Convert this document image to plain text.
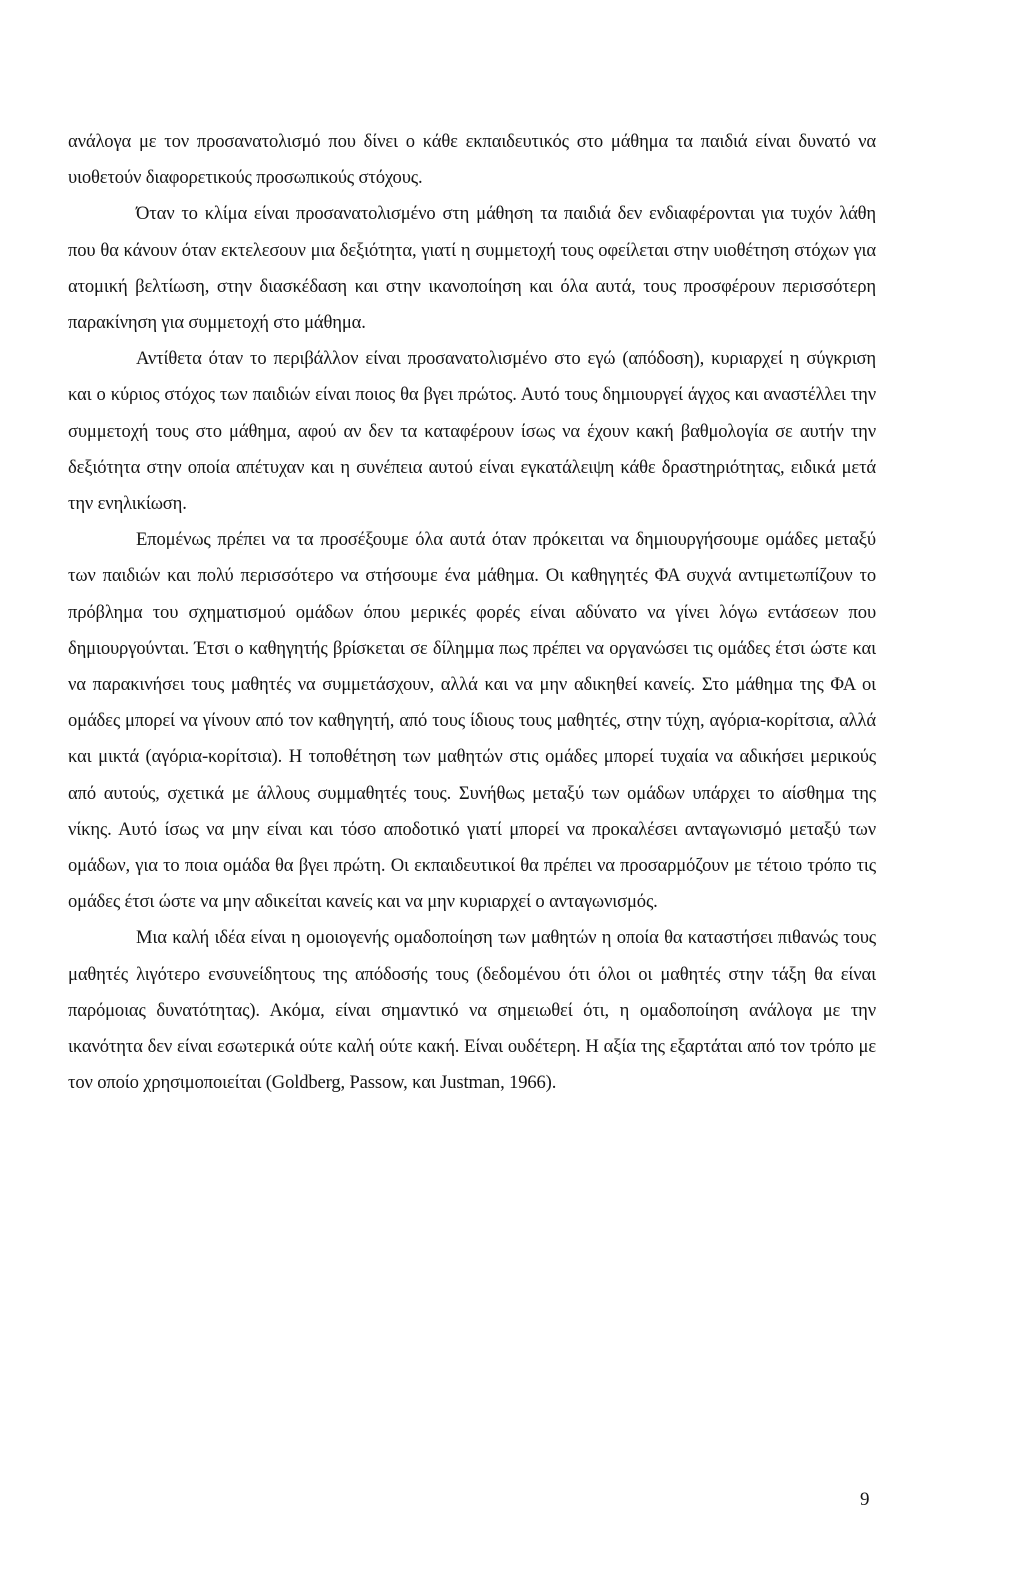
ανάλογα με τον προσανατολισμό που δίνει ο κάθε εκπαιδευτικός στο μάθημα τα παιδιά είναι δυνατό να υιοθετούν διαφορετικούς προσωπικούς στόχους.

Όταν το κλίμα είναι προσανατολισμένο στη μάθηση τα παιδιά δεν ενδιαφέρονται για τυχόν λάθη που θα κάνουν όταν εκτελεσουν μια δεξιότητα, γιατί η συμμετοχή τους οφείλεται στην υιοθέτηση στόχων για ατομική βελτίωση, στην διασκέδαση και στην ικανοποίηση και όλα αυτά, τους προσφέρουν περισσότερη παρακίνηση για συμμετοχή στο μάθημα.

Αντίθετα όταν το περιβάλλον είναι προσανατολισμένο στο εγώ (απόδοση), κυριαρχεί η σύγκριση και ο κύριος στόχος των παιδιών είναι ποιος θα βγει πρώτος. Αυτό τους δημιουργεί άγχος και αναστέλλει την συμμετοχή τους στο μάθημα, αφού αν δεν τα καταφέρουν ίσως να έχουν κακή βαθμολογία σε αυτήν την δεξιότητα στην οποία απέτυχαν και η συνέπεια αυτού είναι εγκατάλειψη κάθε δραστηριότητας, ειδικά μετά την ενηλικίωση.

Επομένως πρέπει να τα προσέξουμε όλα αυτά όταν πρόκειται να δημιουργήσουμε ομάδες μεταξύ των παιδιών και πολύ περισσότερο να στήσουμε ένα μάθημα. Οι καθηγητές ΦΑ συχνά αντιμετωπίζουν το πρόβλημα του σχηματισμού ομάδων όπου μερικές φορές είναι αδύνατο να γίνει λόγω εντάσεων που δημιουργούνται. Έτσι ο καθηγητής βρίσκεται σε δίλημμα πως πρέπει να οργανώσει τις ομάδες έτσι ώστε και να παρακινήσει τους μαθητές να συμμετάσχουν, αλλά και να μην αδικηθεί κανείς. Στο μάθημα της ΦΑ οι ομάδες μπορεί να γίνουν από τον καθηγητή, από τους ίδιους τους μαθητές, στην τύχη, αγόρια-κορίτσια, αλλά και μικτά (αγόρια-κορίτσια). Η τοποθέτηση των μαθητών στις ομάδες μπορεί τυχαία να αδικήσει μερικούς από αυτούς, σχετικά με άλλους συμμαθητές τους. Συνήθως μεταξύ των ομάδων υπάρχει το αίσθημα της νίκης. Αυτό ίσως να μην είναι και τόσο αποδοτικό γιατί μπορεί να προκαλέσει ανταγωνισμό μεταξύ των ομάδων, για το ποια ομάδα θα βγει πρώτη. Οι εκπαιδευτικοί θα πρέπει να προσαρμόζουν με τέτοιο τρόπο τις ομάδες έτσι ώστε να μην αδικείται κανείς και να μην κυριαρχεί ο ανταγωνισμός.

Μια καλή ιδέα είναι η ομοιογενής ομαδοποίηση των μαθητών η οποία θα καταστήσει πιθανώς τους μαθητές λιγότερο ενσυνείδητους της απόδοσής τους (δεδομένου ότι όλοι οι μαθητές στην τάξη θα είναι παρόμοιας δυνατότητας). Ακόμα, είναι σημαντικό να σημειωθεί ότι, η ομαδοποίηση ανάλογα με την ικανότητα δεν είναι εσωτερικά ούτε καλή ούτε κακή. Είναι ουδέτερη. Η αξία της εξαρτάται από τον τρόπο με τον οποίο χρησιμοποιείται (Goldberg, Passow, και Justman, 1966).

9
